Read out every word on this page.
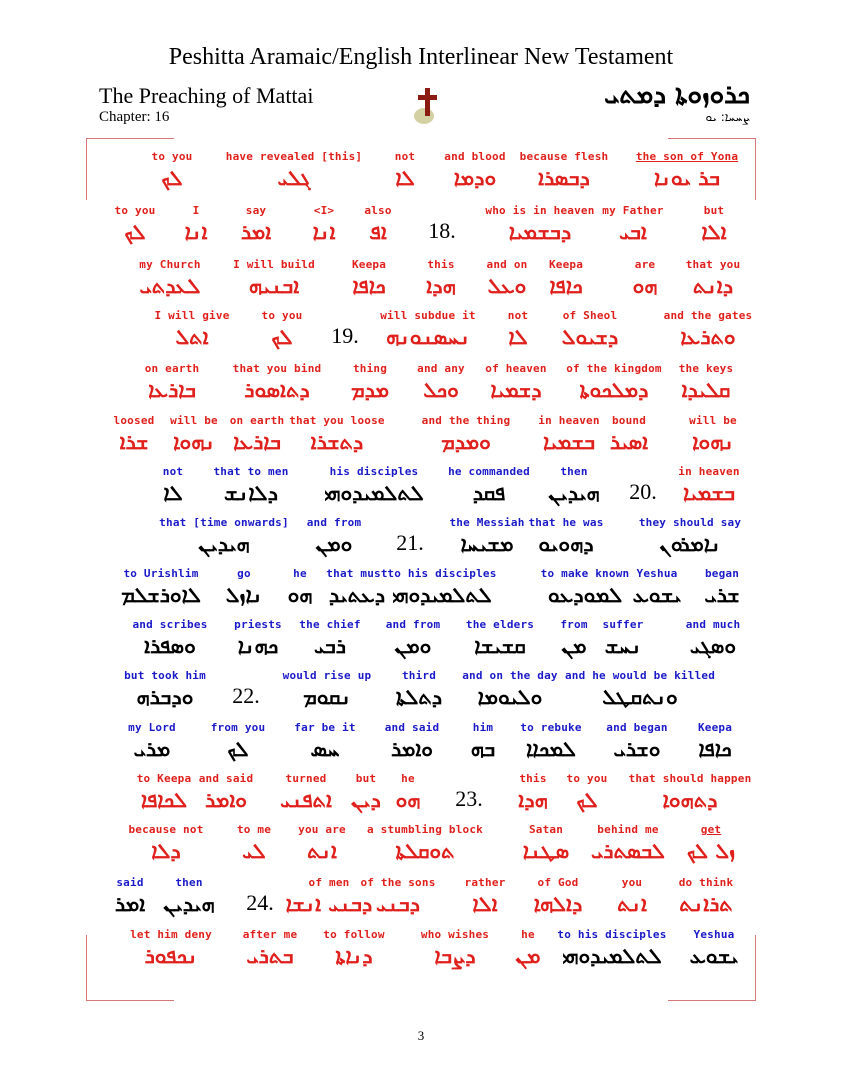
Peshitta Aramaic/English Interlinear New Testament
The Preaching of Mattai
Chapter: 16
ܟܪܘܙܘܬܐ ܕܡܬܝ
ܨܚܚܐ: ܝܘ
to you
ܠܟ
have revealed [this]
ܓܠܝ
not
ܠܐ
and blood
ܘܕܡܐ
because flesh
ܕܒܣܪܐ
the son of Yona
ܒܪ ܝܘܢܐ
to you
ܠܟ
I
ܐܢܐ
say
ܐܡܪ
<I>
ܐܢܐ
also
ܐܦ 18.
who is in heaven
ܕܒܫܡܝܐ
my Father
ܐܒܝ
but
ܐܠܐ
my Church
ܠܥܕܬܝ
I will build
ܐܒܢܝܗ
Keepa
ܟܐܦܐ
this
ܗܕܐ
and on
ܘܥܠ
Keepa
ܟܐܦܐ
are
ܗܘ
that you
ܕܐܢܬ
I will give
ܐܬܠ
to you
ܠܟ 19.
will subdue it
ܢܚܣܢܘܢܗ
not
ܠܐ
of Sheol
ܕܫܝܘܠ
and the gates
ܘܬܪܥܐ
on earth
ܒܐܪܥܐ
that you bind
ܕܬܐܣܘܪ
thing
ܡܕܡ
and any
ܘܟܠ
of heaven
ܕܫܡܝܐ
of the kingdom
ܕܡܠܟܘܬܐ
the keys
ܩܠܝܕܐ
loosed
ܫܪܐ
will be
ܢܗܘܐ
on earth
ܒܐܪܥܐ
that you loose
ܕܬܫܪܐ
and the thing
ܘܡܕܡ
in heaven
ܒܫܡܝܐ
bound
ܐܣܝܪ
will be
ܢܗܘܐ
not
ܠܐ
that to men
ܕܠܐܢܫ
his disciples
ܠܬܠܡܝܕܘܗܝ
he commanded
ܦܩܕ
then
ܗܝܕܝܢ 20.
in heaven
ܒܫܡܝܐ
that [time onwards]
ܗܝܕܝܢ
and from
ܘܡܢ 21.
the Messiah
ܡܫܝܚܐ
that he was
ܕܗܘܝܘ
they should say
ܢܐܡܪܘܢ
to Urishlim
ܠܐܘܪܫܠܡ
go
ܢܐܙܠ
he
ܗܘ
that must
ܕܥܬܝܕ
to his disciples
ܠܬܠܡܝܕܘܗܝ
to make known
ܠܡܘܕܥܘ
Yeshua
ܝܫܘܥ
began
ܫܪܝ
and scribes
ܘܣܦܪܐ
priests
ܟܗܢܐ
the chief
ܪܒܝ
and from
ܘܡܢ
the elders
ܩܫܝܫܐ
from
ܡܢ
suffer
ܢܚܫ
and much
ܘܣܓܝ
but took him
ܘܕܒܪܗ 22.
would rise up
ܢܩܘܡ
third
ܕܬܠܬܐ
and on the day
ܘܠܝܘܡܐ
and he would be killed
ܘܢܬܩܛܠ
my Lord
ܡܪܝ
from you
ܠܟ
far be it
ܚܣ
and said
ܘܐܡܪ
him
ܒܗ
to rebuke
ܠܡܟܐܐ
and began
ܘܫܪܝ
Keepa
ܟܐܦܐ
to Keepa
ܠܟܐܦܐ
and said
ܘܐܡܪ
turned
ܐܬܦܢܝ
but
ܕܝܢ
he
ܗܘ 23.
this
ܗܕܐ
to you
ܠܟ
that should happen
ܕܬܗܘܐ
because not
ܕܠܐ
to me
ܠܝ
you are
ܐܢܬ
a stumbling block
ܬܘܩܠܬܐ
Satan
ܣܛܢܐ
behind me
ܠܒܣܬܪܝ
get
ܙܠ ܠܟ
said
ܐܡܪ
then
ܗܝܕܝܢ 24.
of men
ܕܒܢܝ ܐܢܫܐ
of the sons
ܕܒܢܝ
rather
ܐܠܐ
of God
ܕܐܠܗܐ
you
ܐܢܬ
do think
ܬܪܐܢܬ
let him deny
ܢܟܦܘܪ
after me
ܒܬܪܝ
to follow
ܕܢܐܬܐ
who wishes
ܕܨܒܐ
he
ܡܢ
to his disciples
ܠܬܠܡܝܕܘܗܝ
Yeshua
ܝܫܘܥ
3
